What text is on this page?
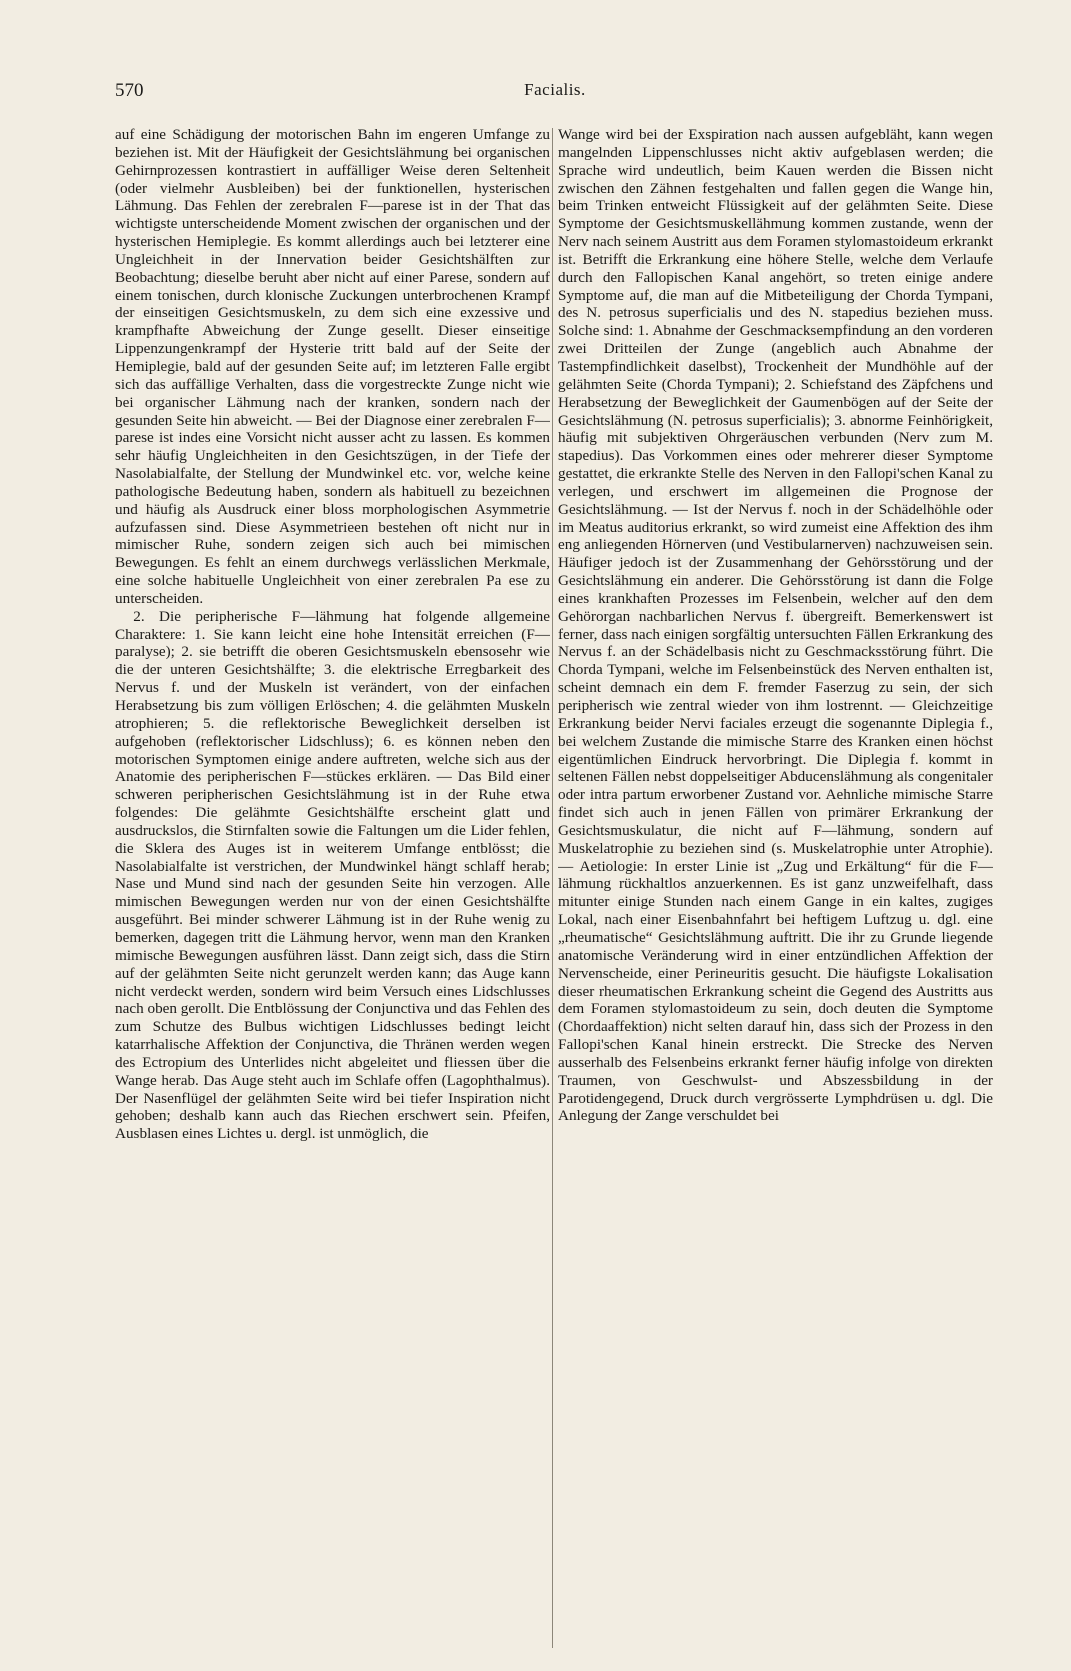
570	Facialis.

auf eine Schädigung der motorischen Bahn im engeren Umfange zu beziehen ist. Mit der Häufigkeit der Gesichtslähmung bei organischen Gehirnprozessen kontrastiert in auffälliger Weise deren Seltenheit (oder vielmehr Ausbleiben) bei der funktionellen, hysterischen Lähmung. Das Fehlen der zerebralen F—parese ist in der That das wichtigste unterscheidende Moment zwischen der organischen und der hysterischen Hemiplegie. Es kommt allerdings auch bei letzterer eine Ungleichheit in der Innervation beider Gesichtshälften zur Beobachtung; dieselbe beruht aber nicht auf einer Parese, sondern auf einem tonischen, durch klonische Zuckungen unterbrochenen Krampf der einseitigen Gesichtsmuskeln, zu dem sich eine exzessive und krampfhafte Abweichung der Zunge gesellt. Dieser einseitige Lippenzungenkrampf der Hysterie tritt bald auf der Seite der Hemiplegie, bald auf der gesunden Seite auf; im letzteren Falle ergibt sich das auffällige Verhalten, dass die vorgestreckte Zunge nicht wie bei organischer Lähmung nach der kranken, sondern nach der gesunden Seite hin abweicht. — Bei der Diagnose einer zerebralen F—parese ist indes eine Vorsicht nicht ausser acht zu lassen. Es kommen sehr häufig Ungleichheiten in den Gesichtszügen, in der Tiefe der Nasolabialfalte, der Stellung der Mundwinkel etc. vor, welche keine pathologische Bedeutung haben, sondern als habituell zu bezeichnen und häufig als Ausdruck einer bloss morphologischen Asymmetrie aufzufassen sind. Diese Asymmetrieen bestehen oft nicht nur in mimischer Ruhe, sondern zeigen sich auch bei mimischen Bewegungen. Es fehlt an einem durchwegs verlässlichen Merkmale, eine solche habituelle Ungleichheit von einer zerebralen Pa ese zu unterscheiden.

2. Die peripherische F—lähmung hat folgende allgemeine Charaktere: 1. Sie kann leicht eine hohe Intensität erreichen (F—paralyse); 2. sie betrifft die oberen Gesichtsmuskeln ebensosehr wie die der unteren Gesichtshälfte; 3. die elektrische Erregbarkeit des Nervus f. und der Muskeln ist verändert, von der einfachen Herabsetzung bis zum völligen Erlöschen; 4. die gelähmten Muskeln atrophieren; 5. die reflektorische Beweglichkeit derselben ist aufgehoben (reflektorischer Lidschluss); 6. es können neben den motorischen Symptomen einige andere auftreten, welche sich aus der Anatomie des peripherischen F—stückes erklären. — Das Bild einer schweren peripherischen Gesichtslähmung ist in der Ruhe etwa folgendes: Die gelähmte Gesichtshälfte erscheint glatt und ausdruckslos, die Stirnfalten sowie die Faltungen um die Lider fehlen, die Sklera des Auges ist in weiterem Umfange entblösst; die Nasolabialfalte ist verstrichen, der Mundwinkel hängt schlaff herab; Nase und Mund sind nach der gesunden Seite hin verzogen. Alle mimischen Bewegungen werden nur von der einen Gesichtshälfte ausgeführt. Bei minder schwerer Lähmung ist in der Ruhe wenig zu bemerken, dagegen tritt die Lähmung hervor, wenn man den Kranken mimische Bewegungen ausführen lässt. Dann zeigt sich, dass die Stirn auf der gelähmten Seite nicht gerunzelt werden kann; das Auge kann nicht verdeckt werden, sondern wird beim Versuch eines Lidschlusses nach oben gerollt. Die Entblössung der Conjunctiva und das Fehlen des zum Schutze des Bulbus wichtigen Lidschlusses bedingt leicht katarrhalische Affektion der Conjunctiva, die Thränen werden wegen des Ectropium des Unterlides nicht abgeleitet und fliessen über die Wange herab. Das Auge steht auch im Schlafe offen (Lagophthalmus). Der Nasenflügel der gelähmten Seite wird bei tiefer Inspiration nicht gehoben; deshalb kann auch das Riechen erschwert sein. Pfeifen, Ausblasen eines Lichtes u. dergl. ist unmöglich, die

Wange wird bei der Exspiration nach aussen aufgebläht, kann wegen mangelnden Lippenschlusses nicht aktiv aufgeblasen werden; die Sprache wird undeutlich, beim Kauen werden die Bissen nicht zwischen den Zähnen festgehalten und fallen gegen die Wange hin, beim Trinken entweicht Flüssigkeit auf der gelähmten Seite. Diese Symptome der Gesichtsmuskellähmung kommen zustande, wenn der Nerv nach seinem Austritt aus dem Foramen stylomastoideum erkrankt ist. Betrifft die Erkrankung eine höhere Stelle, welche dem Verlaufe durch den Fallopischen Kanal angehört, so treten einige andere Symptome auf, die man auf die Mitbeteiligung der Chorda Tympani, des N. petrosus superficialis und des N. stapedius beziehen muss. Solche sind: 1. Abnahme der Geschmacksempfindung an den vorderen zwei Dritteilen der Zunge (angeblich auch Abnahme der Tastempfindlichkeit daselbst), Trockenheit der Mundhöhle auf der gelähmten Seite (Chorda Tympani); 2. Schiefstand des Zäpfchens und Herabsetzung der Beweglichkeit der Gaumenbögen auf der Seite der Gesichtslähmung (N. petrosus superficialis); 3. abnorme Feinhörigkeit, häufig mit subjektiven Ohrgeräuschen verbunden (Nerv zum M. stapedius). Das Vorkommen eines oder mehrerer dieser Symptome gestattet, die erkrankte Stelle des Nerven in den Fallopi'schen Kanal zu verlegen, und erschwert im allgemeinen die Prognose der Gesichtslähmung. — Ist der Nervus f. noch in der Schädelhöhle oder im Meatus auditorius erkrankt, so wird zumeist eine Affektion des ihm eng anliegenden Hörnerven (und Vestibularnerven) nachzuweisen sein. Häufiger jedoch ist der Zusammenhang der Gehörsstörung und der Gesichtslähmung ein anderer. Die Gehörsstörung ist dann die Folge eines krankhaften Prozesses im Felsenbein, welcher auf den dem Gehörorgan nachbarlichen Nervus f. übergreift. Bemerkenswert ist ferner, dass nach einigen sorgfältig untersuchten Fällen Erkrankung des Nervus f. an der Schädelbasis nicht zu Geschmacksstörung führt. Die Chorda Tympani, welche im Felsenbeinstück des Nerven enthalten ist, scheint demnach ein dem F. fremder Faserzug zu sein, der sich peripherisch wie zentral wieder von ihm lostrennt. — Gleichzeitige Erkrankung beider Nervi faciales erzeugt die sogenannte Diplegia f., bei welchem Zustande die mimische Starre des Kranken einen höchst eigentümlichen Eindruck hervorbringt. Die Diplegia f. kommt in seltenen Fällen nebst doppelseitiger Abducenslähmung als congenitaler oder intra partum erworbener Zustand vor. Aehnliche mimische Starre findet sich auch in jenen Fällen von primärer Erkrankung der Gesichtsmuskulatur, die nicht auf F—lähmung, sondern auf Muskelatrophie zu beziehen sind (s. Muskelatrophie unter Atrophie). — Aetiologie: In erster Linie ist „Zug und Erkältung“ für die F—lähmung rückhaltlos anzuerkennen. Es ist ganz unzweifelhaft, dass mitunter einige Stunden nach einem Gange in ein kaltes, zugiges Lokal, nach einer Eisenbahnfahrt bei heftigem Luftzug u. dgl. eine „rheumatische“ Gesichtslähmung auftritt. Die ihr zu Grunde liegende anatomische Veränderung wird in einer entzündlichen Affektion der Nervenscheide, einer Perineuritis gesucht. Die häufigste Lokalisation dieser rheumatischen Erkrankung scheint die Gegend des Austritts aus dem Foramen stylomastoideum zu sein, doch deuten die Symptome (Chordaaffektion) nicht selten darauf hin, dass sich der Prozess in den Fallopi'schen Kanal hinein erstreckt. Die Strecke des Nerven ausserhalb des Felsenbeins erkrankt ferner häufig infolge von direkten Traumen, von Geschwulst- und Abszessbildung in der Parotidengegend, Druck durch vergrösserte Lymphdrüsen u. dgl. Die Anlegung der Zange verschuldet bei
